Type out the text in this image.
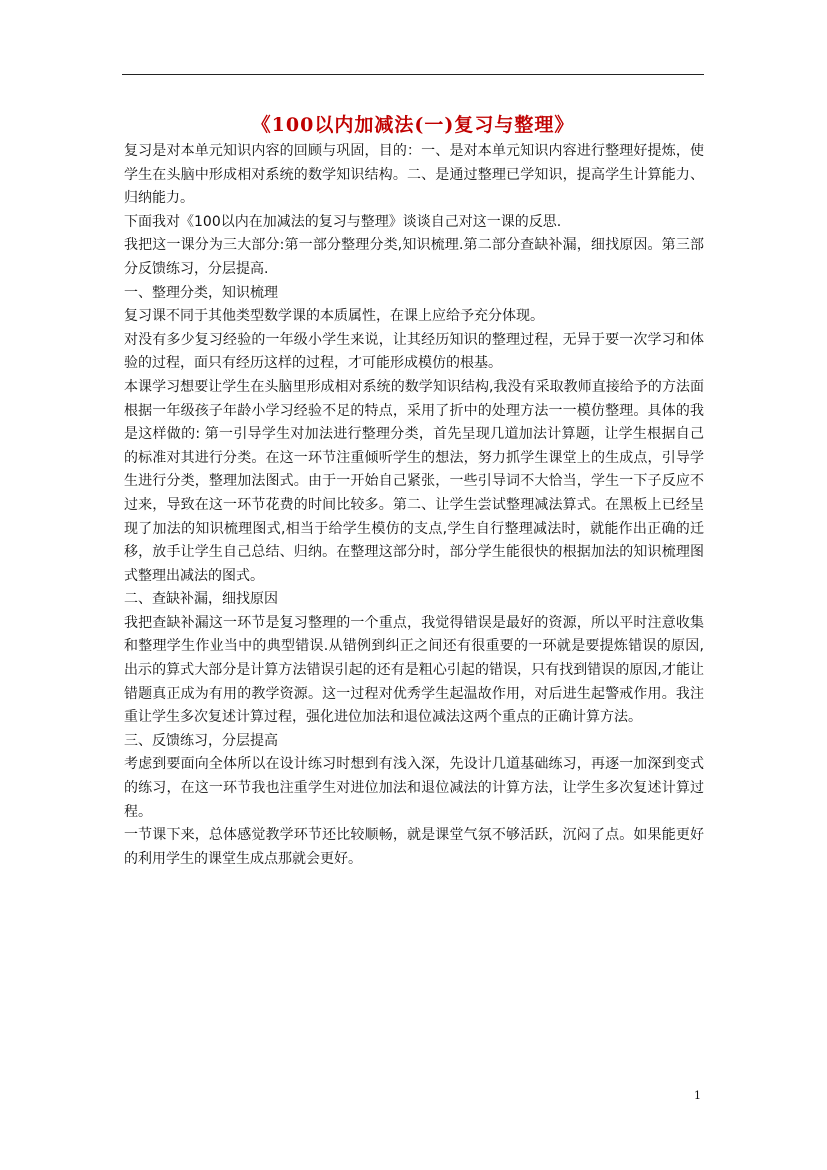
《100以内加减法(一)复习与整理》

复习是对本单元知识内容的回顾与巩固，目的：一、是对本单元知识内容进行整理好提炼，使学生在头脑中形成相对系统的数学知识结构。二、是通过整理已学知识，提高学生计算能力、归纳能力。

下面我对《100以内在加减法的复习与整理》谈谈自己对这一课的反思.

我把这一课分为三大部分:第一部分整理分类,知识梳理.第二部分查缺补漏，细找原因。第三部分反馈练习，分层提高.

一、整理分类，知识梳理

复习课不同于其他类型数学课的本质属性，在课上应给予充分体现。

对没有多少复习经验的一年级小学生来说，让其经历知识的整理过程，无异于要一次学习和体验的过程，面只有经历这样的过程，才可能形成模仿的根基。

本课学习想要让学生在头脑里形成相对系统的数学知识结构,我没有采取教师直接给予的方法面根据一年级孩子年龄小学习经验不足的特点，采用了折中的处理方法一一模仿整理。具体的我是这样做的: 第一引导学生对加法进行整理分类，首先呈现几道加法计算题，让学生根据自己的标准对其进行分类。在这一环节注重倾听学生的想法，努力抓学生课堂上的生成点，引导学生进行分类，整理加法图式。由于一开始自己紧张，一些引导词不大恰当，学生一下子反应不过来，导致在这一环节花费的时间比较多。第二、让学生尝试整理减法算式。在黑板上已经呈现了加法的知识梳理图式,相当于给学生模仿的支点,学生自行整理减法时，就能作出正确的迁移，放手让学生自己总结、归纳。在整理这部分时，部分学生能很快的根据加法的知识梳理图式整理出减法的图式。

二、查缺补漏，细找原因

我把查缺补漏这一环节是复习整理的一个重点，我觉得错误是最好的资源，所以平时注意收集和整理学生作业当中的典型错误.从错例到纠正之间还有很重要的一环就是要提炼错误的原因,出示的算式大部分是计算方法错误引起的还有是粗心引起的错误，只有找到错误的原因,才能让错题真正成为有用的教学资源。这一过程对优秀学生起温故作用，对后进生起警戒作用。我注重让学生多次复述计算过程，强化进位加法和退位减法这两个重点的正确计算方法。

三、反馈练习，分层提高

考虑到要面向全体所以在设计练习时想到有浅入深，先设计几道基础练习，再逐一加深到变式的练习，在这一环节我也注重学生对进位加法和退位减法的计算方法，让学生多次复述计算过程。

一节课下来，总体感觉教学环节还比较顺畅，就是课堂气氛不够活跃，沉闷了点。如果能更好的利用学生的课堂生成点那就会更好。

1
